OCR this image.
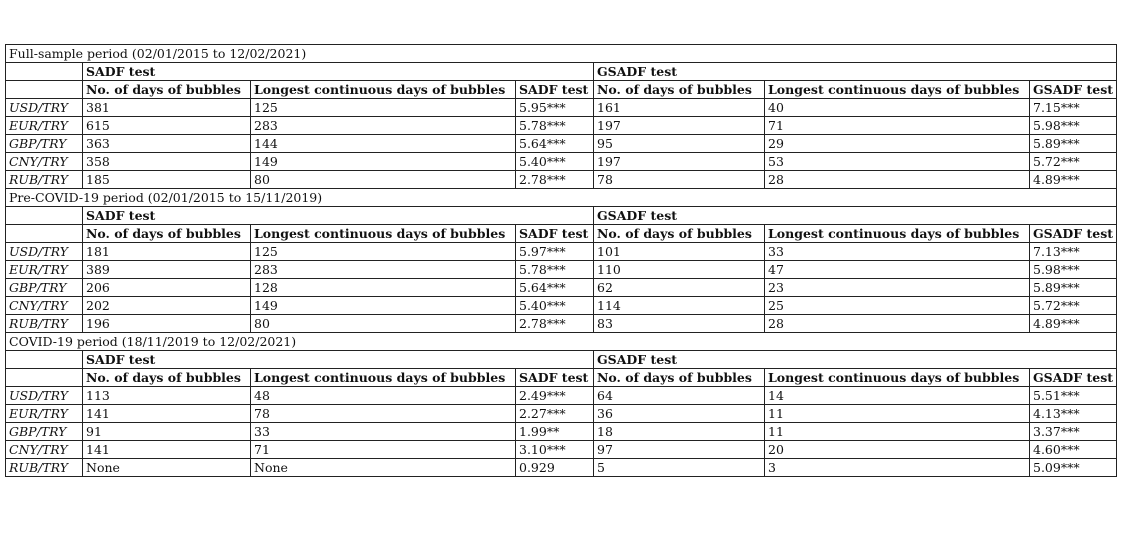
Full-sample period (02/01/2015 to 12/02/2021)						
	SADF test			GSADF test		
	No. of days of bubbles	Longest continuous days of bubbles	SADF test	No. of days of bubbles	Longest continuous days of bubbles	GSADF test
USD/TRY	381	125	5.95***	161	40	7.15***
EUR/TRY	615	283	5.78***	197	71	5.98***
GBP/TRY	363	144	5.64***	95	29	5.89***
CNY/TRY	358	149	5.40***	197	53	5.72***
RUB/TRY	185	80	2.78***	78	28	4.89***
Pre-COVID-19 period (02/01/2015 to 15/11/2019)						
	SADF test			GSADF test		
	No. of days of bubbles	Longest continuous days of bubbles	SADF test	No. of days of bubbles	Longest continuous days of bubbles	GSADF test
USD/TRY	181	125	5.97***	101	33	7.13***
EUR/TRY	389	283	5.78***	110	47	5.98***
GBP/TRY	206	128	5.64***	62	23	5.89***
CNY/TRY	202	149	5.40***	114	25	5.72***
RUB/TRY	196	80	2.78***	83	28	4.89***
COVID-19 period (18/11/2019 to 12/02/2021)						
	SADF test			GSADF test		
	No. of days of bubbles	Longest continuous days of bubbles	SADF test	No. of days of bubbles	Longest continuous days of bubbles	GSADF test
USD/TRY	113	48	2.49***	64	14	5.51***
EUR/TRY	141	78	2.27***	36	11	4.13***
GBP/TRY	91	33	1.99**	18	11	3.37***
CNY/TRY	141	71	3.10***	97	20	4.60***
RUB/TRY	None	None	0.929	5	3	5.09***
